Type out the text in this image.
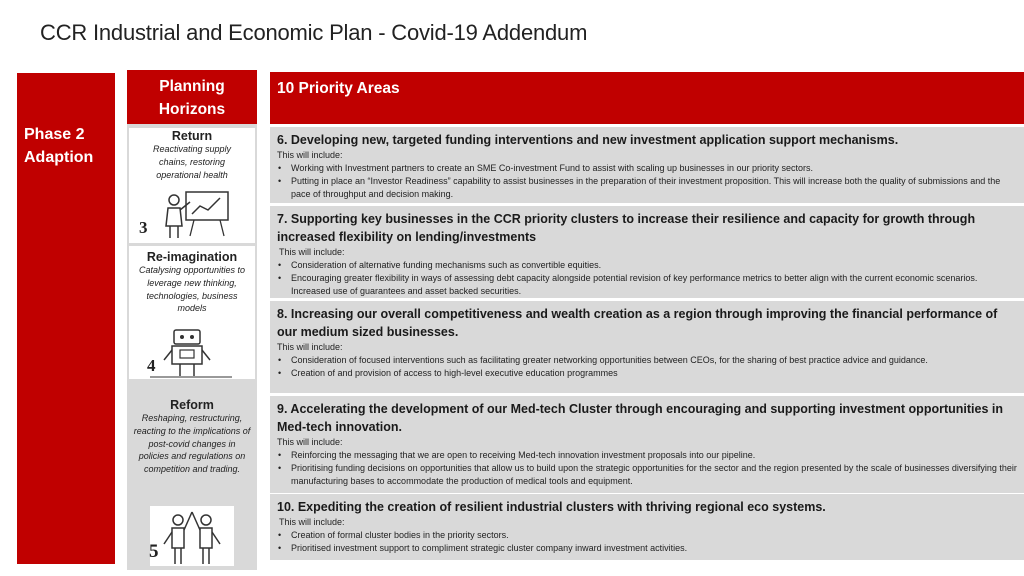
CCR Industrial and Economic Plan - Covid-19 Addendum
Phase 2 Adaption
Planning Horizons
Return
Reactivating supply chains, restoring operational health
3
Re-imagination
Catalysing opportunities to leverage new thinking, technologies, business models
4
Reform
Reshaping, restructuring, reacting to the implications of post-covid changes in policies and regulations on competition and trading.
5
10 Priority Areas
6. Developing new, targeted funding interventions and new investment application support mechanisms.
This will include:
• Working with Investment partners to create an SME Co-investment Fund to assist with scaling up businesses in our priority sectors.
• Putting in place an “Investor Readiness” capability to assist businesses in the preparation of their investment proposition. This will increase both the quality of submissions and the pace of throughput and decision making.
7. Supporting key businesses in the CCR priority clusters to increase their resilience and capacity for growth through increased flexibility on lending/investments
This will include:
• Consideration of alternative funding mechanisms such as convertible equities.
• Encouraging greater flexibility in ways of assessing debt capacity alongside potential revision of key performance metrics to better align with the current economic scenarios. Increased use of guarantees and asset backed securities.
8. Increasing our overall competitiveness and wealth creation as a region through improving the financial performance of our medium sized businesses.
This will include:
• Consideration of focused interventions such as facilitating greater networking opportunities between CEOs, for the sharing of best practice advice and guidance.
• Creation of and provision of access to high-level executive education programmes
9. Accelerating the development of our Med-tech Cluster through encouraging and supporting investment opportunities in Med-tech innovation.
This will include:
• Reinforcing the messaging that we are open to receiving Med-tech innovation investment proposals into our pipeline.
• Prioritising funding decisions on opportunities that allow us to build upon the strategic opportunities for the sector and the region presented by the scale of businesses diversifying their manufacturing bases to accommodate the production of medical tools and equipment.
10. Expediting the creation of resilient industrial clusters with thriving regional eco systems.
This will include:
• Creation of formal cluster bodies in the priority sectors.
• Prioritised investment support to compliment strategic cluster company inward investment activities.
